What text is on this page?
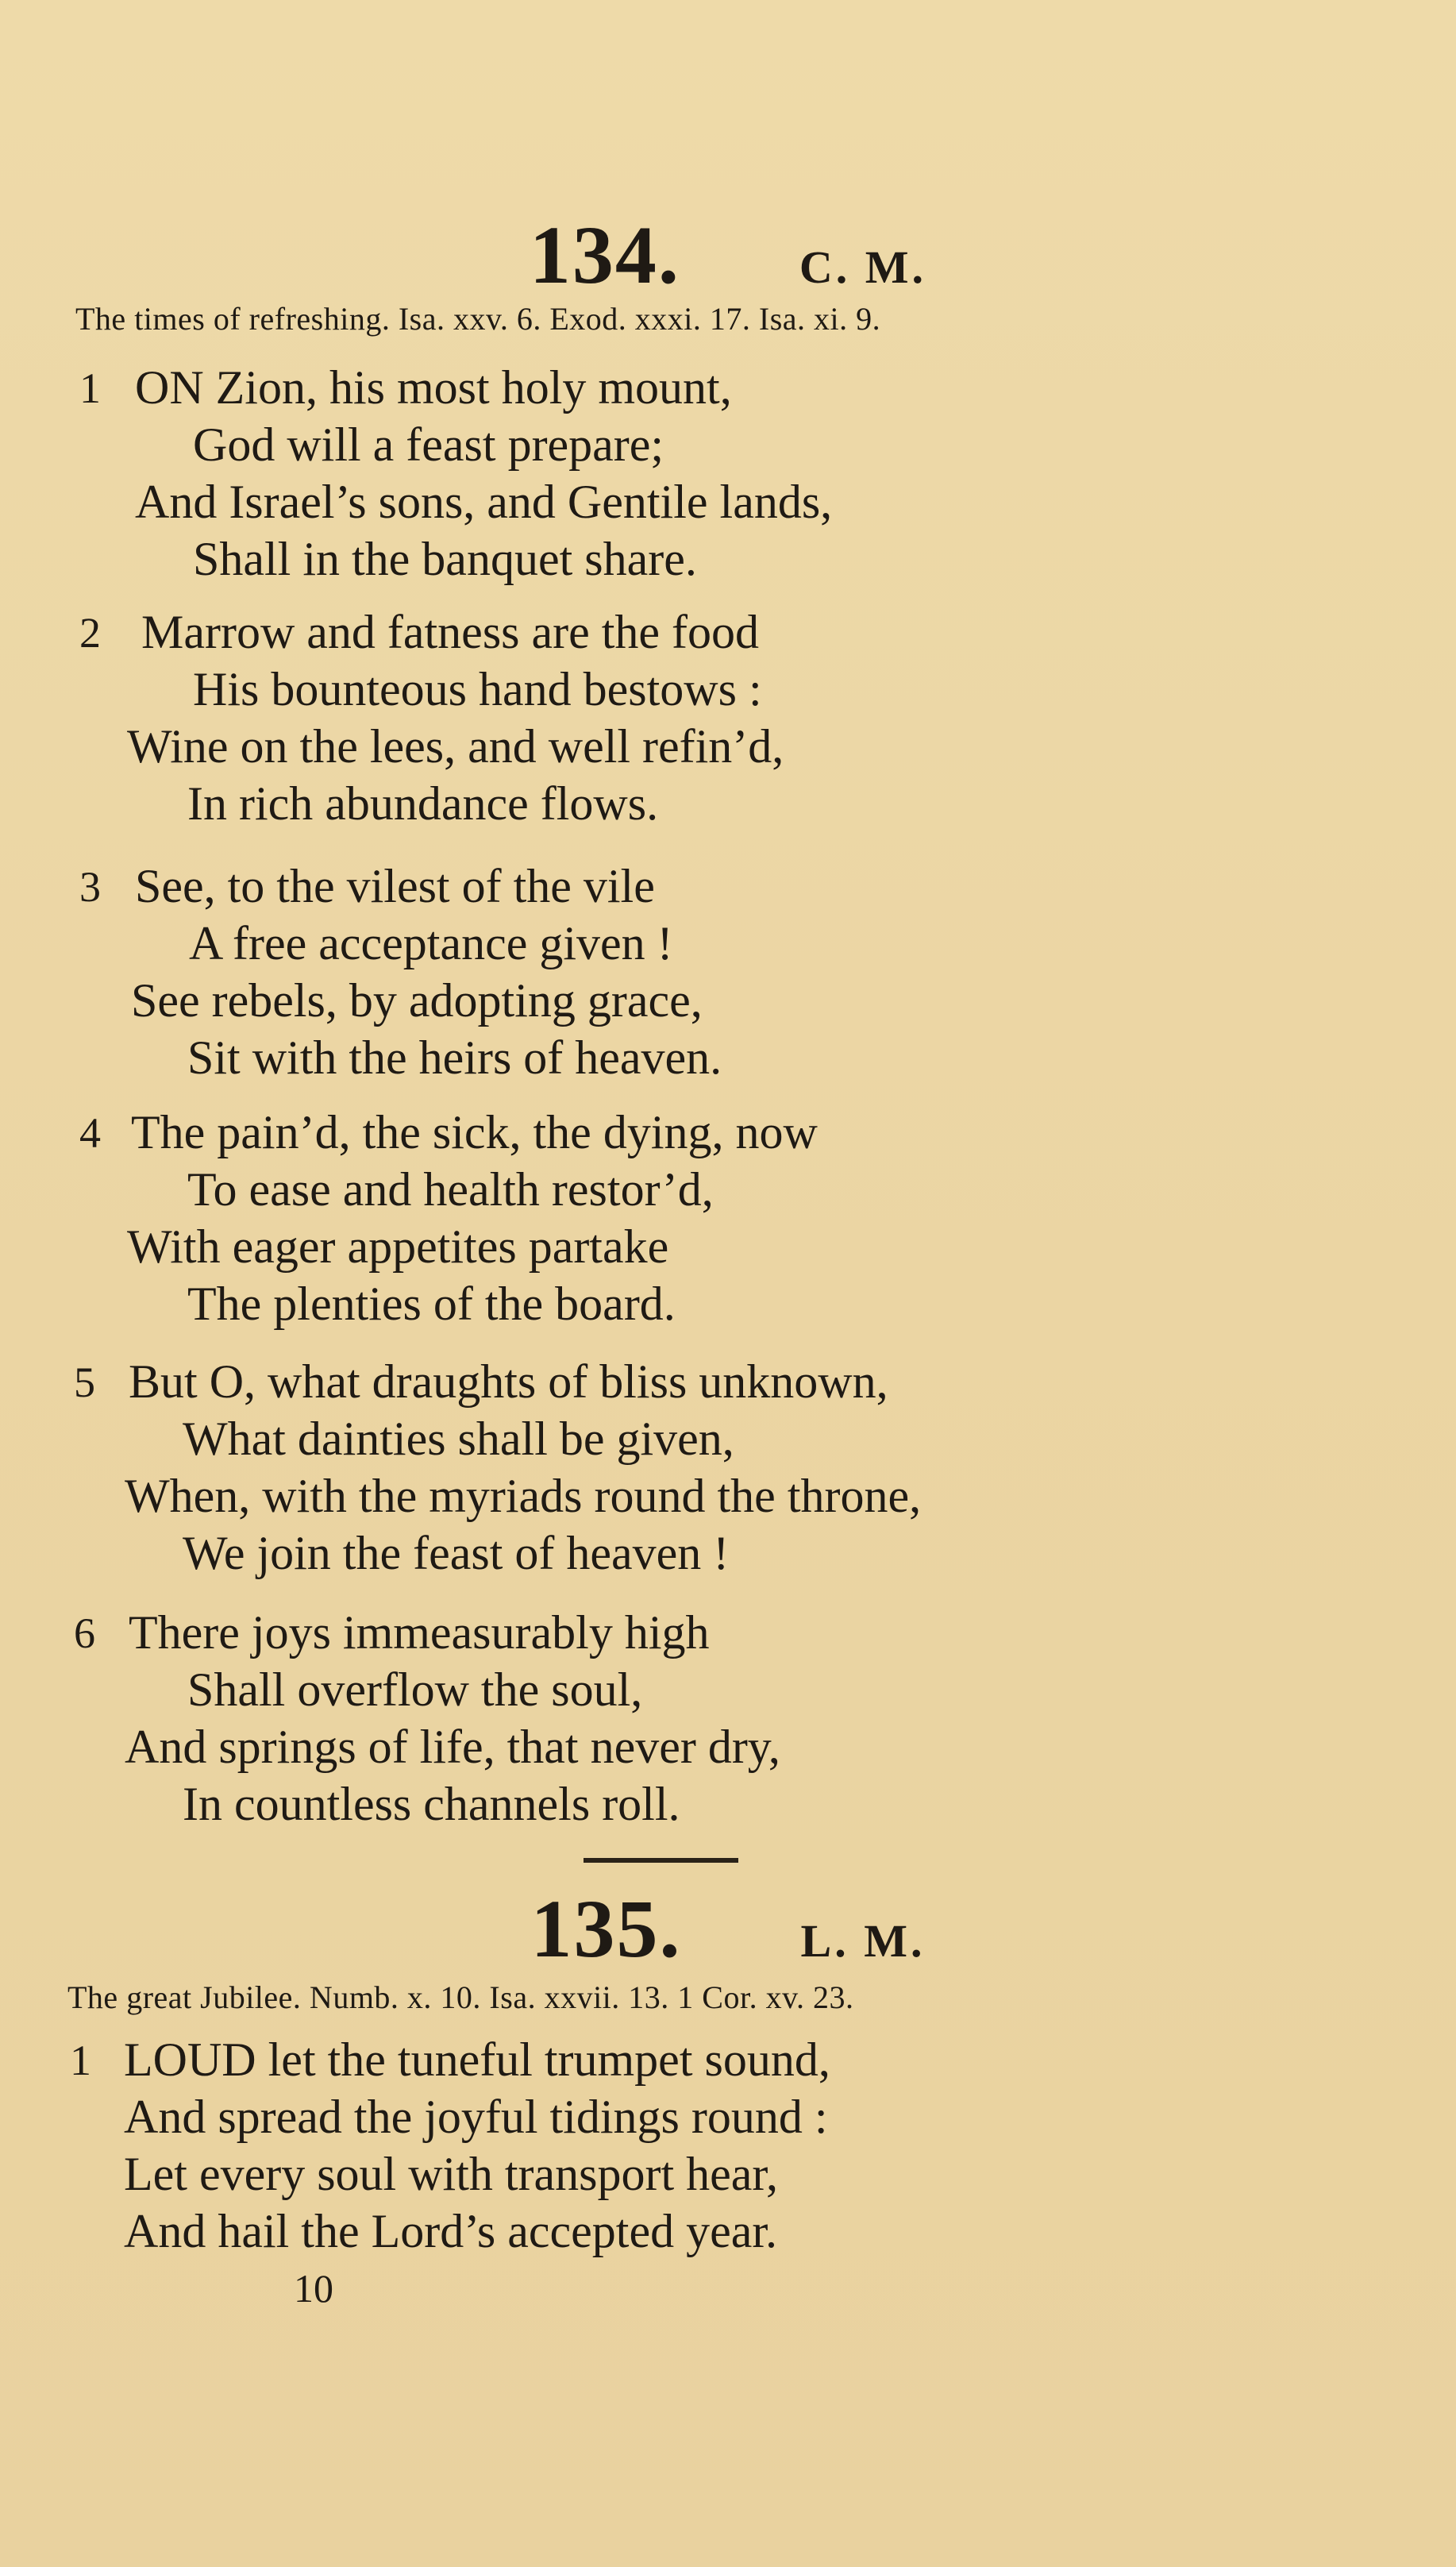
134.	C. M.
The times of refreshing. Isa. xxv. 6. Exod. xxxi. 17. Isa. xi. 9.
1 ON Zion, his most holy mount,
God will a feast prepare;
And Israel’s sons, and Gentile lands,
Shall in the banquet share.
2 Marrow and fatness are the food
His bounteous hand bestows :
Wine on the lees, and well refin’d,
In rich abundance flows.
3 See, to the vilest of the vile
A free acceptance given !
See rebels, by adopting grace,
Sit with the heirs of heaven.
4 The pain’d, the sick, the dying, now
To ease and health restor’d,
With eager appetites partake
The plenties of the board.
5 But O, what draughts of bliss unknown,
What dainties shall be given,
When, with the myriads round the throne,
We join the feast of heaven !
6 There joys immeasurably high
Shall overflow the soul,
And springs of life, that never dry,
In countless channels roll.
135.	L. M.
The great Jubilee. Numb. x. 10. Isa. xxvii. 13. 1 Cor. xv. 23.
1 LOUD let the tuneful trumpet sound,
And spread the joyful tidings round :
Let every soul with transport hear,
And hail the Lord’s accepted year.
10
